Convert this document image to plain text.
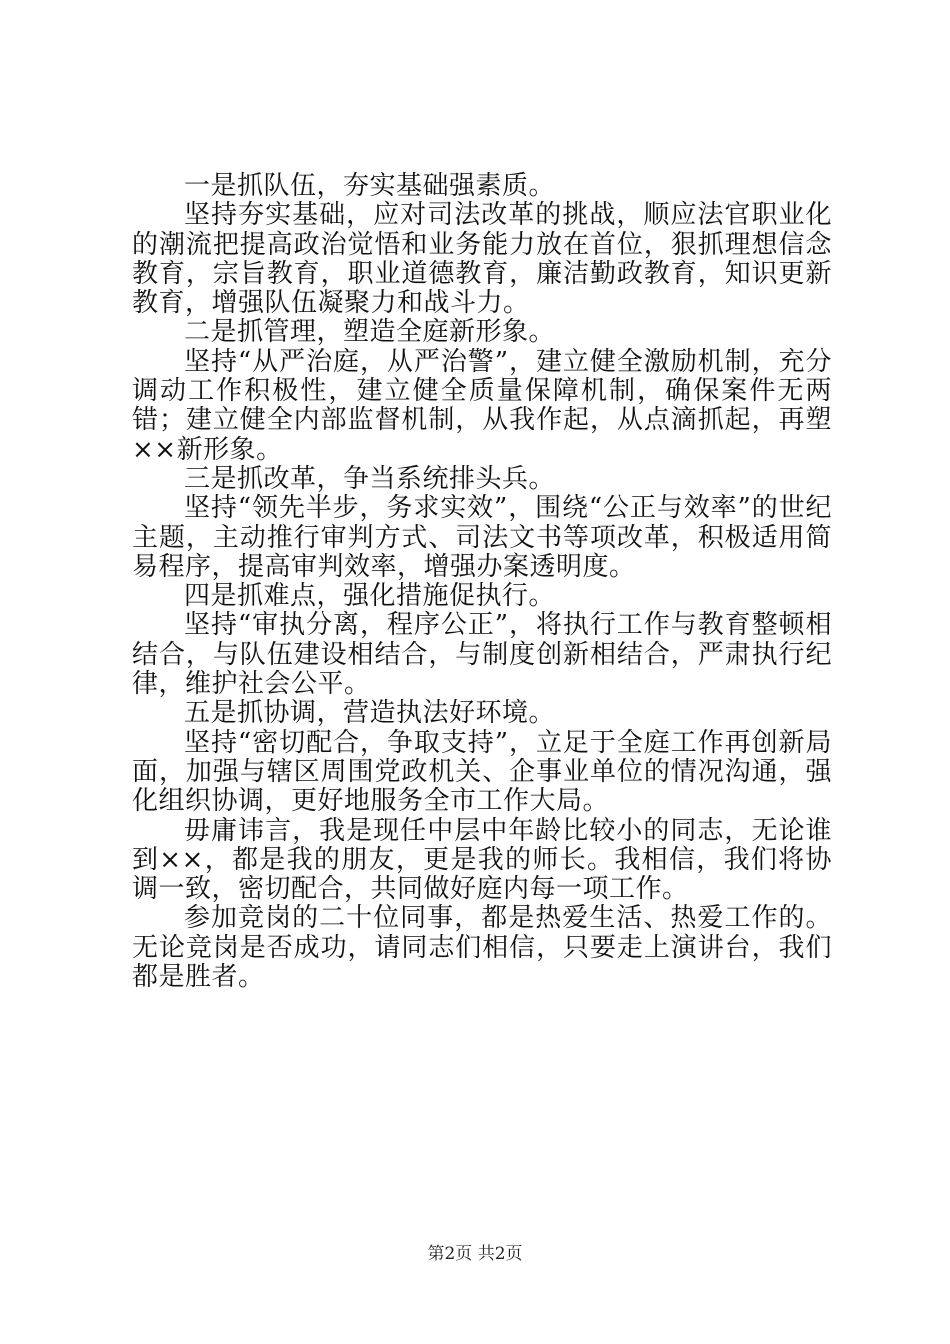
一是抓队伍，夯实基础强素质。

坚持夯实基础，应对司法改革的挑战，顺应法官职业化的潮流把提高政治觉悟和业务能力放在首位，狠抓理想信念教育，宗旨教育，职业道德教育，廉洁勤政教育，知识更新教育，增强队伍凝聚力和战斗力。

二是抓管理，塑造全庭新形象。

坚持“从严治庭，从严治警”，建立健全激励机制，充分调动工作积极性，建立健全质量保障机制，确保案件无两错；建立健全内部监督机制，从我作起，从点滴抓起，再塑××新形象。

三是抓改革，争当系统排头兵。

坚持“领先半步，务求实效”，围绕“公正与效率”的世纪主题，主动推行审判方式、司法文书等项改革，积极适用简易程序，提高审判效率，增强办案透明度。

四是抓难点，强化措施促执行。

坚持“审执分离，程序公正”，将执行工作与教育整顿相结合，与队伍建设相结合，与制度创新相结合，严肃执行纪律，维护社会公平。

五是抓协调，营造执法好环境。

坚持“密切配合，争取支持”，立足于全庭工作再创新局面，加强与辖区周围党政机关、企事业单位的情况沟通，强化组织协调，更好地服务全市工作大局。

毋庸讳言，我是现任中层中年龄比较小的同志，无论谁到××，都是我的朋友，更是我的师长。我相信，我们将协调一致，密切配合，共同做好庭内每一项工作。

参加竞岗的二十位同事，都是热爱生活、热爱工作的。无论竞岗是否成功，请同志们相信，只要走上演讲台，我们都是胜者。

第2页 共2页
